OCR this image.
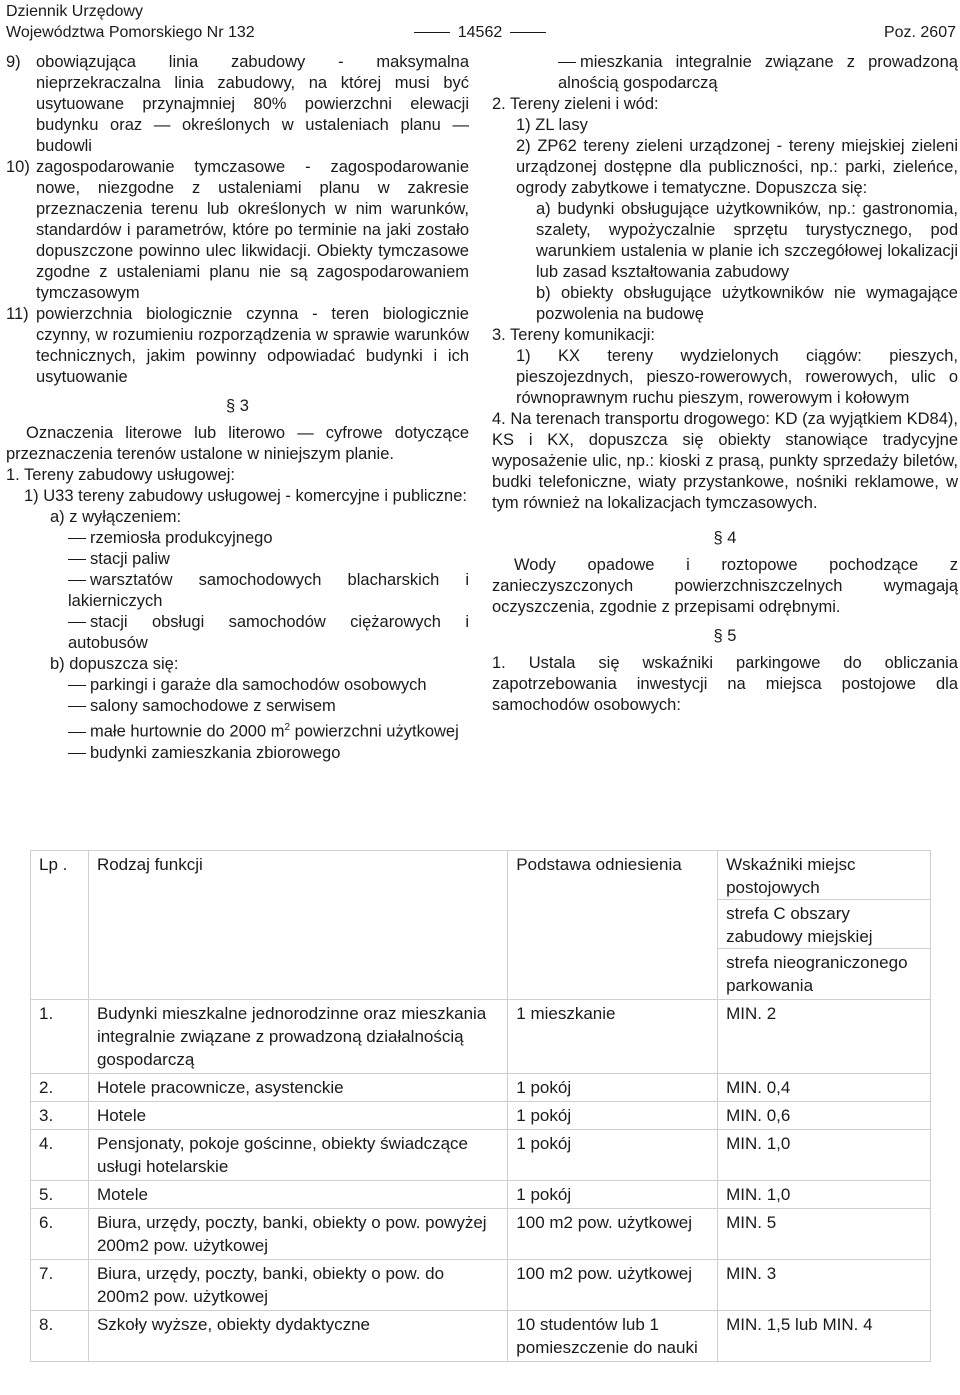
Dziennik Urzędowy
Województwa Pomorskiego Nr 132	14562	Poz. 2607
9) obowiązująca linia zabudowy - maksymalna nieprzekraczalna linia zabudowy, na której musi być usytuowane przynajmniej 80% powierzchni elewacji budynku oraz — określonych w ustaleniach planu — budowli
10) zagospodarowanie tymczasowe - zagospodarowanie nowe, niezgodne z ustaleniami planu w zakresie przeznaczenia terenu lub określonych w nim warunków, standardów i parametrów, które po terminie na jaki zostało dopuszczone powinno ulec likwidacji. Obiekty tymczasowe zgodne z ustaleniami planu nie są zagospodarowaniem tymczasowym
11) powierzchnia biologicznie czynna - teren biologicznie czynny, w rozumieniu rozporządzenia w sprawie warunków technicznych, jakim powinny odpowiadać budynki i ich usytuowanie
§ 3
Oznaczenia literowe lub literowo — cyfrowe dotyczące przeznaczenia terenów ustalone w niniejszym planie.
1. Tereny zabudowy usługowej:
1) U33 tereny zabudowy usługowej - komercyjne i publiczne:
a) z wyłączeniem:
rzemiosła produkcyjnego
stacji paliw
warsztatów samochodowych blacharskich i lakierniczych
stacji obsługi samochodów ciężarowych i autobusów
b) dopuszcza się:
parkingi i garaże dla samochodów osobowych
salony samochodowe z serwisem
małe hurtownie do 2000 $m^2$ powierzchni użytkowej
budynki zamieszkania zbiorowego
mieszkania integralnie związane z prowadzoną alnością gospodarczą
2. Tereny zieleni i wód:
1) ZL lasy
2) ZP62 tereny zieleni urządzonej - tereny miejskiej zieleni urządzonej dostępne dla publiczności, np.: parki, zieleńce, ogrody zabytkowe i tematyczne. Dopuszcza się:
a) budynki obsługujące użytkowników, np.: gastronomia, szalety, wypożyczalnie sprzętu turystycznego, pod warunkiem ustalenia w planie ich szczegółowej lokalizacji lub zasad kształtowania zabudowy
b) obiekty obsługujące użytkowników nie wymagające pozwolenia na budowę
3. Tereny komunikacji:
1) KX tereny wydzielonych ciągów: pieszych, pieszojezdnych, pieszo-rowerowych, rowerowych, ulic o równoprawnym ruchu pieszym, rowerowym i kołowym
4. Na terenach transportu drogowego: KD (za wyjątkiem KD84), KS i KX, dopuszcza się obiekty stanowiące tradycyjne wyposażenie ulic, np.: kioski z prasą, punkty sprzedaży biletów, budki telefoniczne, wiaty przystankowe, nośniki reklamowe, w tym również na lokalizacjach tymczasowych.
§ 4
Wody opadowe i roztopowe pochodzące z zanieczyszczonych powierzchniszczelnych wymagają oczyszczenia, zgodnie z przepisami odrębnymi.
§ 5
1. Ustala się wskaźniki parkingowe do obliczania zapotrzebowania inwestycji na miejsca postojowe dla samochodów osobowych:
Lp .	Rodzaj funkcji	Podstawa odniesienia	Wskaźniki miejsc postojowych
strefa C obszary zabudowy miejskiej
strefa nieograniczonego parkowania

1.	Budynki mieszkalne jednorodzinne oraz mieszkania integralnie związane z prowadzoną działalnością gospodarczą	1 mieszkanie	MIN. 2
2.	Hotele pracownicze, asystenckie	1 pokój	MIN. 0,4
3.	Hotele	1 pokój	MIN. 0,6
4.	Pensjonaty, pokoje gościnne, obiekty świadczące usługi hotelarskie	1 pokój	MIN. 1,0
5.	Motele	1 pokój	MIN. 1,0
6.	Biura, urzędy, poczty, banki, obiekty o pow. powyżej 200m2 pow. użytkowej	100 m2 pow. użytkowej	MIN. 5
7.	Biura, urzędy, poczty, banki, obiekty o pow. do 200m2 pow. użytkowej	100 m2 pow. użytkowej	MIN. 3
8.	Szkoły wyższe, obiekty dydaktyczne	10 studentów lub 1 pomieszczenie do nauki	MIN. 1,5 lub MIN. 4
